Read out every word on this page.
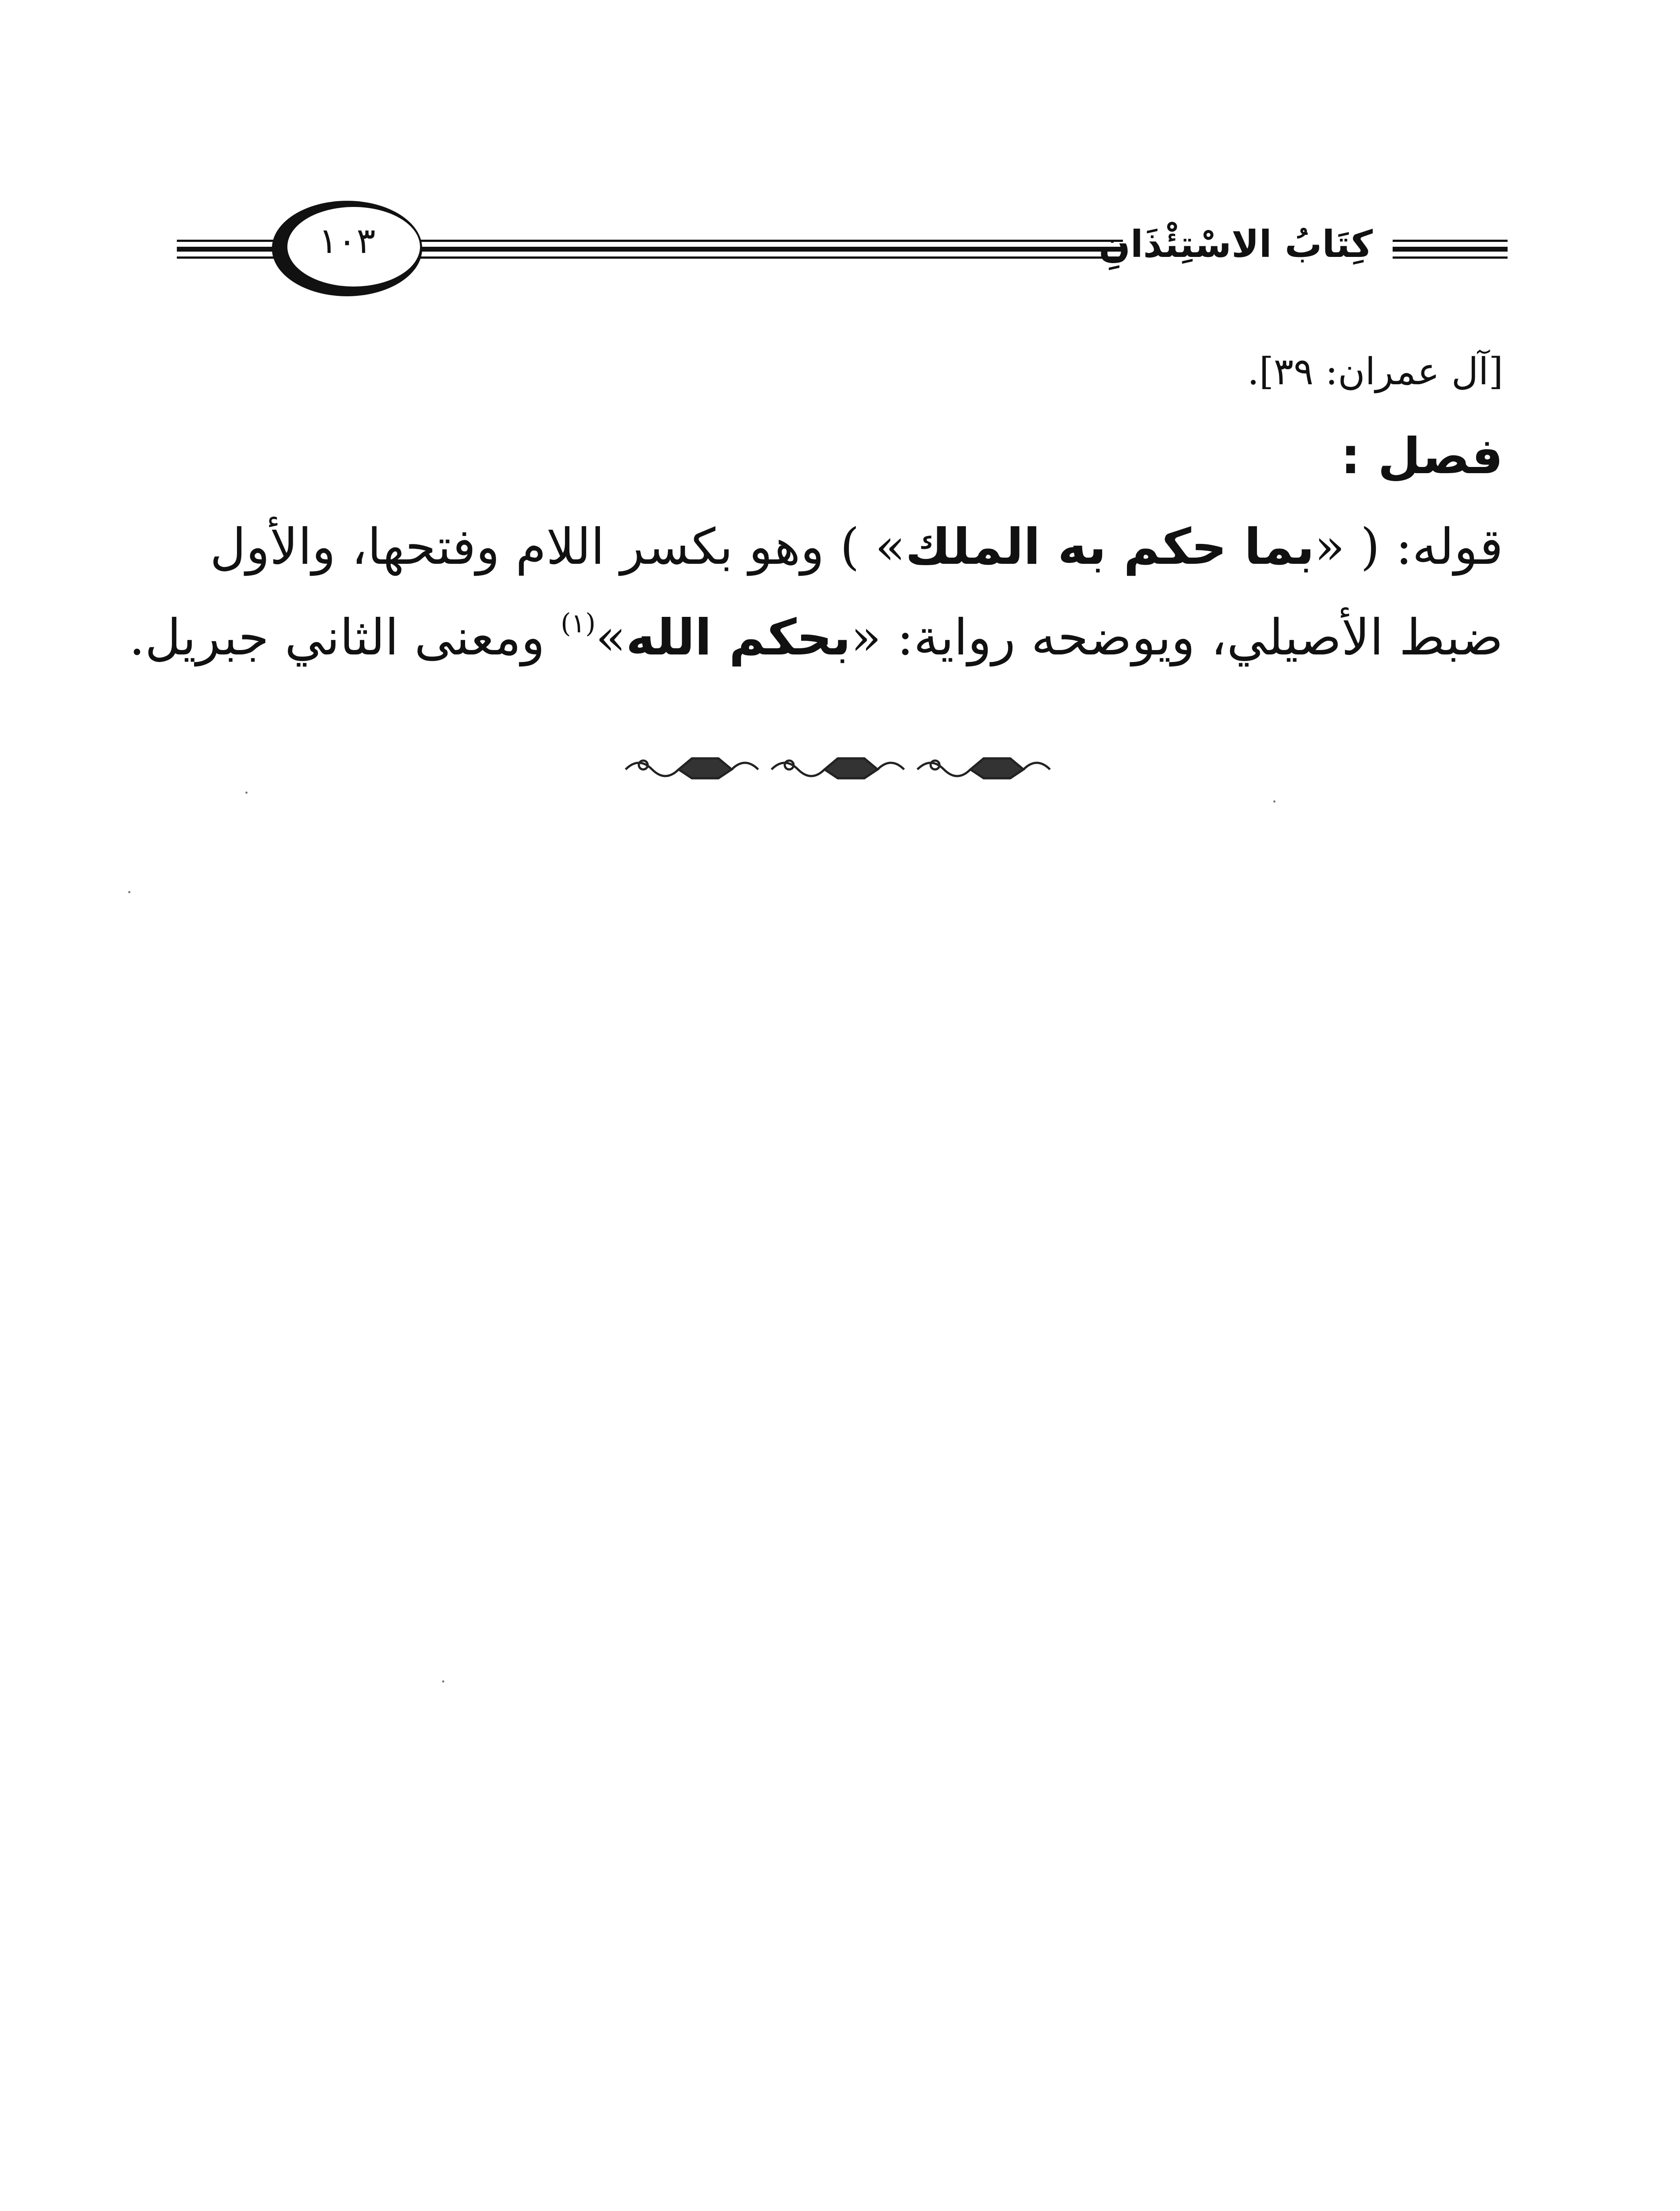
١٠٣	كِتَابُ الاسْتِئْذَانِ
[آل عمران: ٣٩].
فصل :
قوله: ( «بما حكم به الملك» ) وهو بكسر اللام وفتحها، والأول
ضبط الأصيلي، ويوضحه رواية: «بحكم الله»$^{(١)}$ ومعنى الثاني جبريل.
